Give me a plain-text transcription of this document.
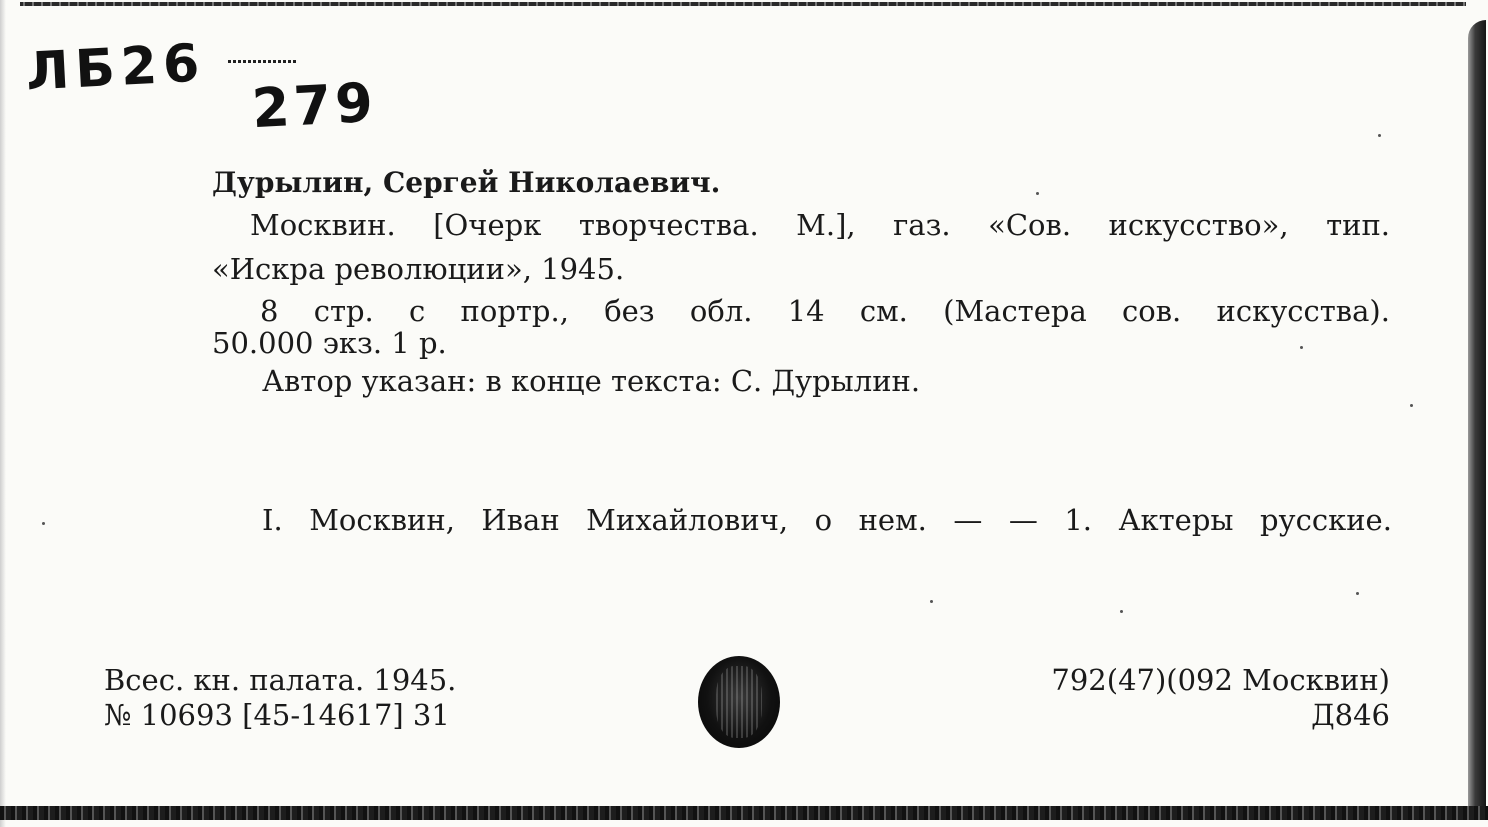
ЛБ26
279
Дурылин, Сергей Николаевич.
Москвин. [Очерк творчества. М.], газ. «Сов. искусство», тип.
«Искра революции», 1945.
8 стр. с портр., без обл. 14 см. (Мастера сов. искусства).
50.000 экз. 1 р.
Автор указан: в конце текста: С. Дурылин.
I. Москвин, Иван Михайлович, о нем. — — 1. Актеры русские.
Всес. кн. палата. 1945.
№ 10693 [45-14617] 31
792(47)(092 Москвин)
Д846
